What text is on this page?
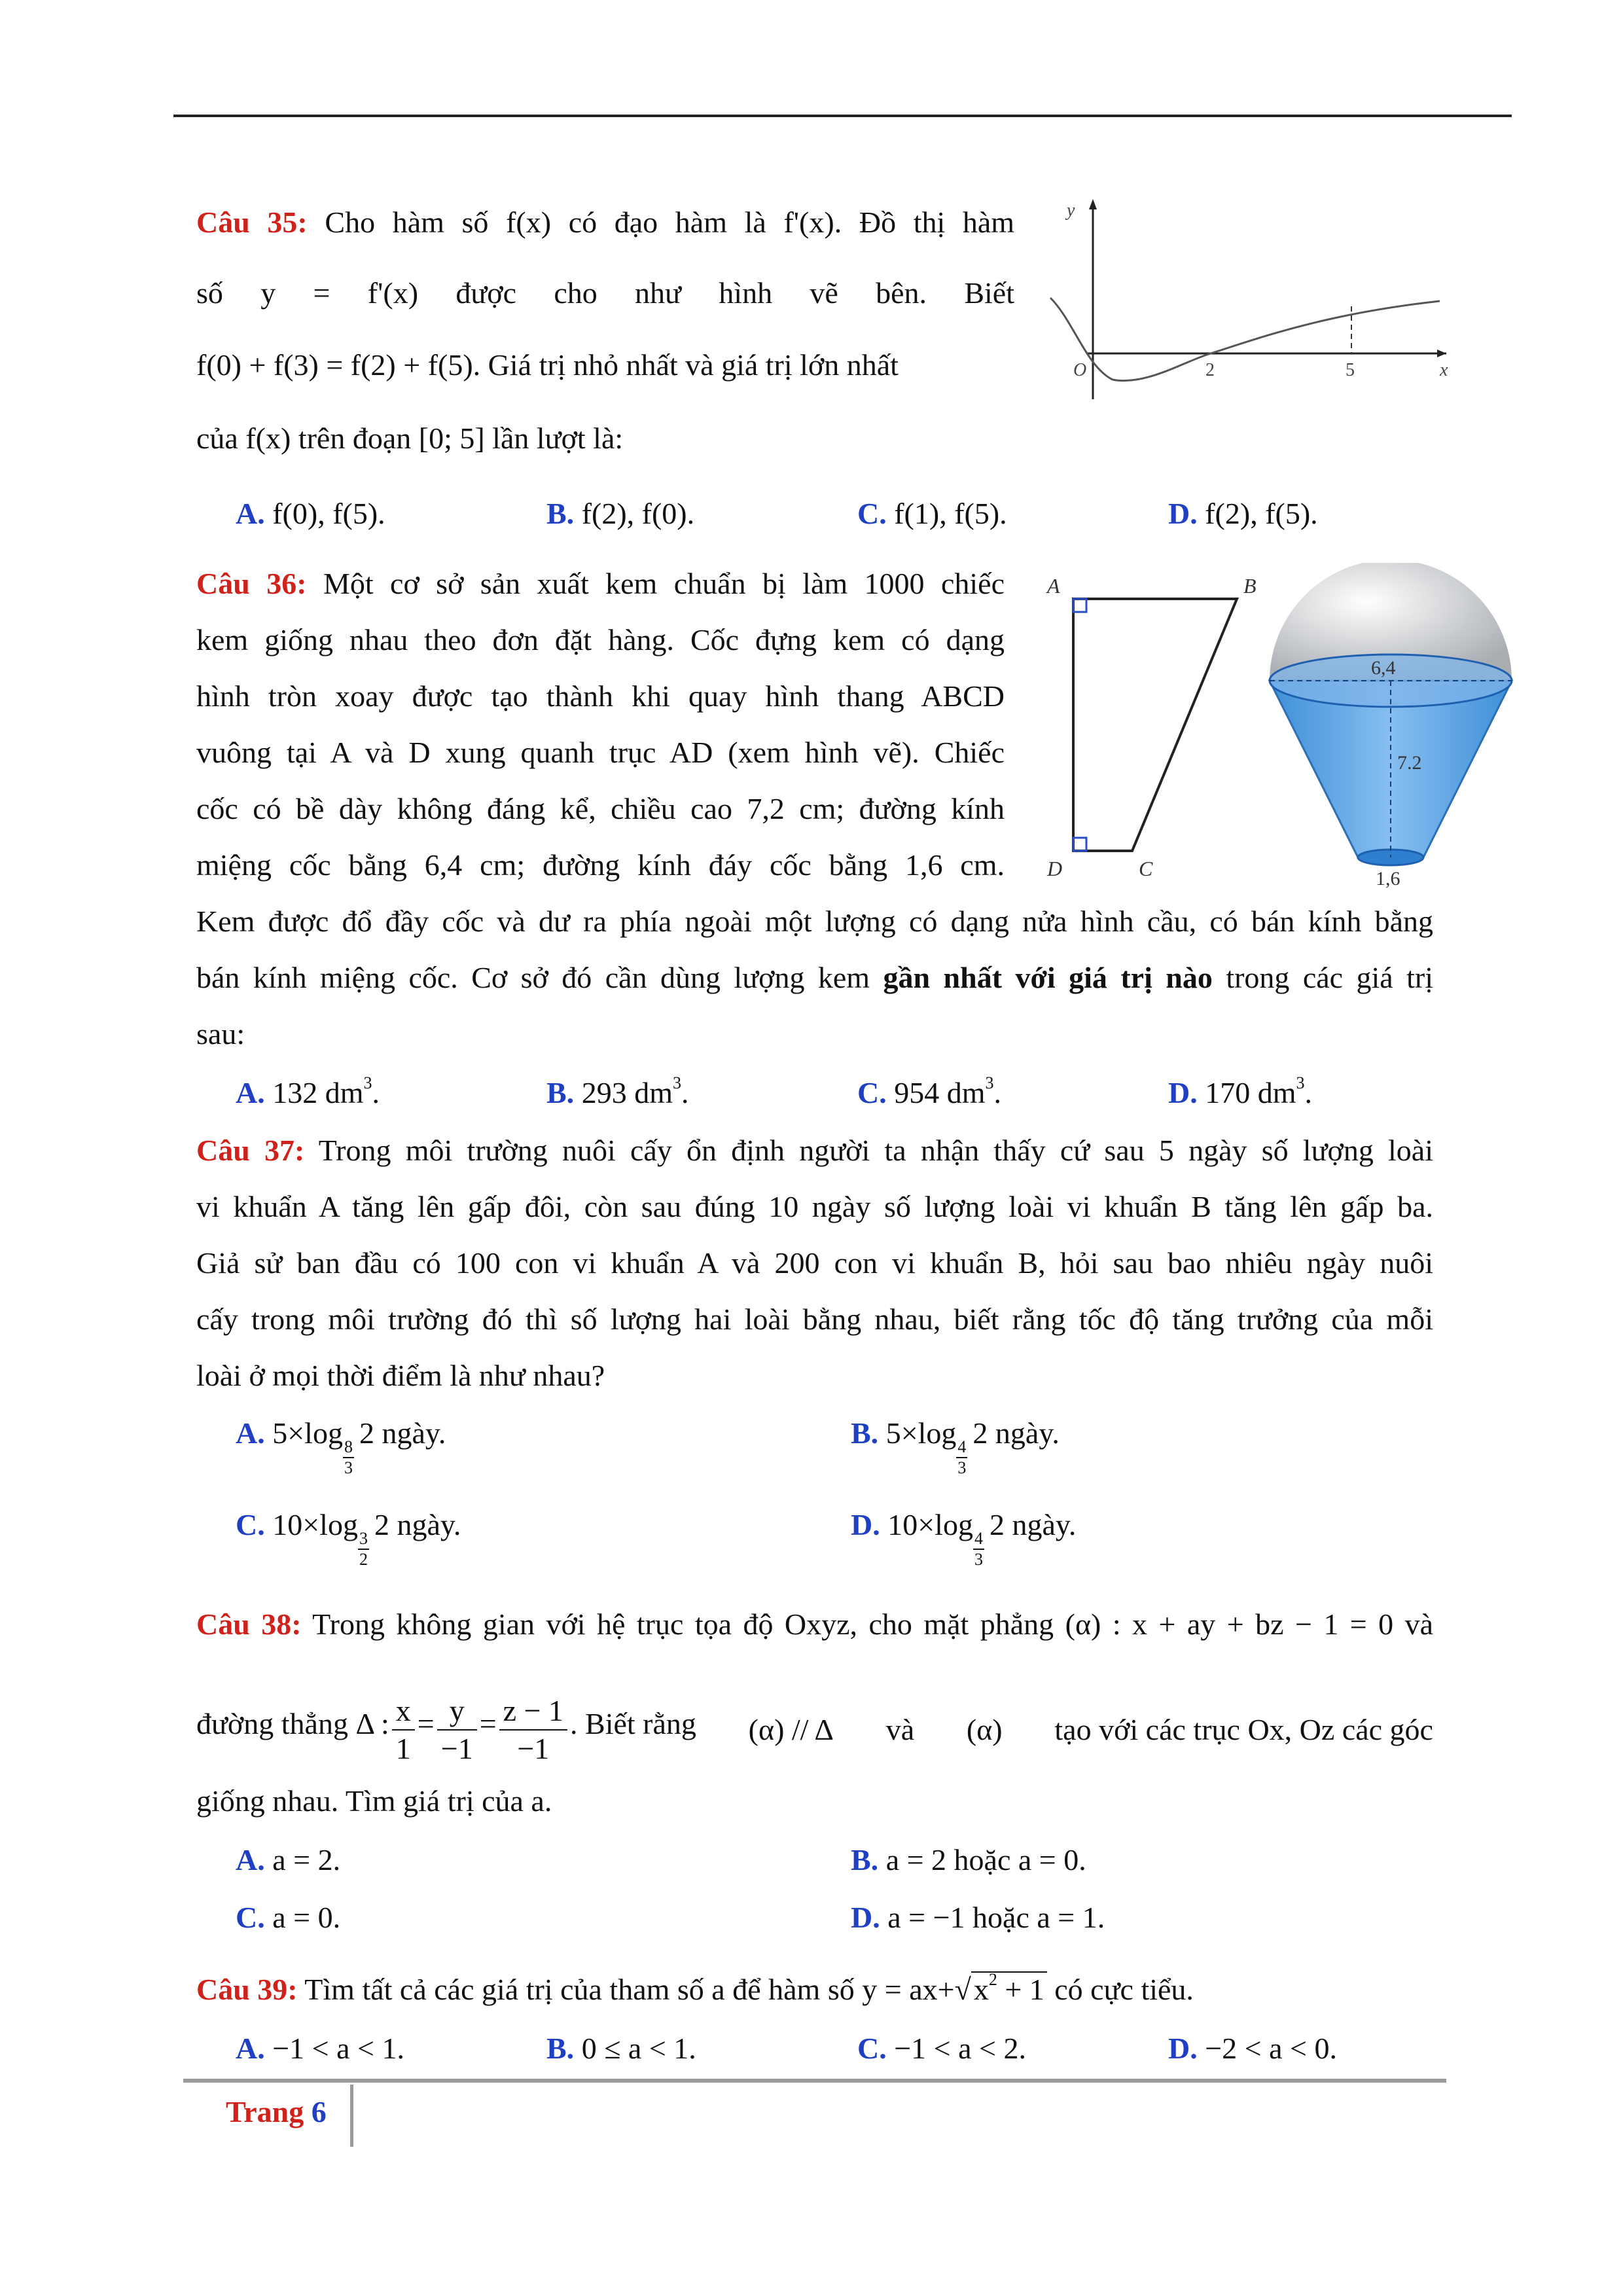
Câu 35: Cho hàm số f(x) có đạo hàm là f'(x). Đồ thị hàm
số y = f'(x) được cho như hình vẽ bên. Biết
f(0) + f(3) = f(2) + f(5). Giá trị nhỏ nhất và giá trị lớn nhất
của f(x) trên đoạn [0; 5] lần lượt là:
y
x
O	2	5
A. f(0), f(5).	B. f(2), f(0).	C. f(1), f(5).	D. f(2), f(5).
Câu 36: Một cơ sở sản xuất kem chuẩn bị làm 1000 chiếc
kem giống nhau theo đơn đặt hàng. Cốc đựng kem có dạng
hình tròn xoay được tạo thành khi quay hình thang ABCD
vuông tại A và D xung quanh trục AD (xem hình vẽ). Chiếc
cốc có bề dày không đáng kể, chiều cao 7,2 cm; đường kính
miệng cốc bằng 6,4 cm; đường kính đáy cốc bằng 1,6 cm.
Kem được đổ đầy cốc và dư ra phía ngoài một lượng có dạng nửa hình cầu, có bán kính bằng
bán kính miệng cốc. Cơ sở đó cần dùng lượng kem gần nhất với giá trị nào trong các giá trị
sau:
A	B
C
D
6,4
7.2
1,6
A. 132 $dm^3$.	B. 293 $dm^3$.	C. 954 $dm^3$.	D. 170 $dm^3$.
Câu 37: Trong môi trường nuôi cấy ổn định người ta nhận thấy cứ sau 5 ngày số lượng loài
vi khuẩn A tăng lên gấp đôi, còn sau đúng 10 ngày số lượng loài vi khuẩn B tăng lên gấp ba.
Giả sử ban đầu có 100 con vi khuẩn A và 200 con vi khuẩn B, hỏi sau bao nhiêu ngày nuôi
cấy trong môi trường đó thì số lượng hai loài bằng nhau, biết rằng tốc độ tăng trưởng của mỗi
loài ở mọi thời điểm là như nhau?
A. 5×log
$\frac{8}{3}$
2 ngày.	B. 5×log
$\frac{4}{3}$
2 ngày.
C. 10×log
$\frac{3}{2}$
2 ngày.	D. 10×log
$\frac{4}{3}$
2 ngày.
Câu 38: Trong không gian với hệ trục tọa độ Oxyz, cho mặt phẳng (α) : x + ay + bz − 1 = 0 và
đường thẳng Δ : $\frac{x}{1} = \frac{y}{-1} = \frac{z - 1}{-1}$ . Biết rằng (α) // Δ và (α) tạo với các trục Ox, Oz các góc
giống nhau. Tìm giá trị của a.
A. a = 2.	B. a = 2 hoặc a = 0.
C. a = 0.	D. a = −1 hoặc a = 1.
Câu 39: Tìm tất cả các giá trị của tham số a để hàm số $y = ax+√x^2 + 1$ có cực tiểu.
A. −1 < a < 1.	B. 0 ≤ a < 1.	C. −1 < a < 2.	D. −2 < a < 0.
Trang 6
